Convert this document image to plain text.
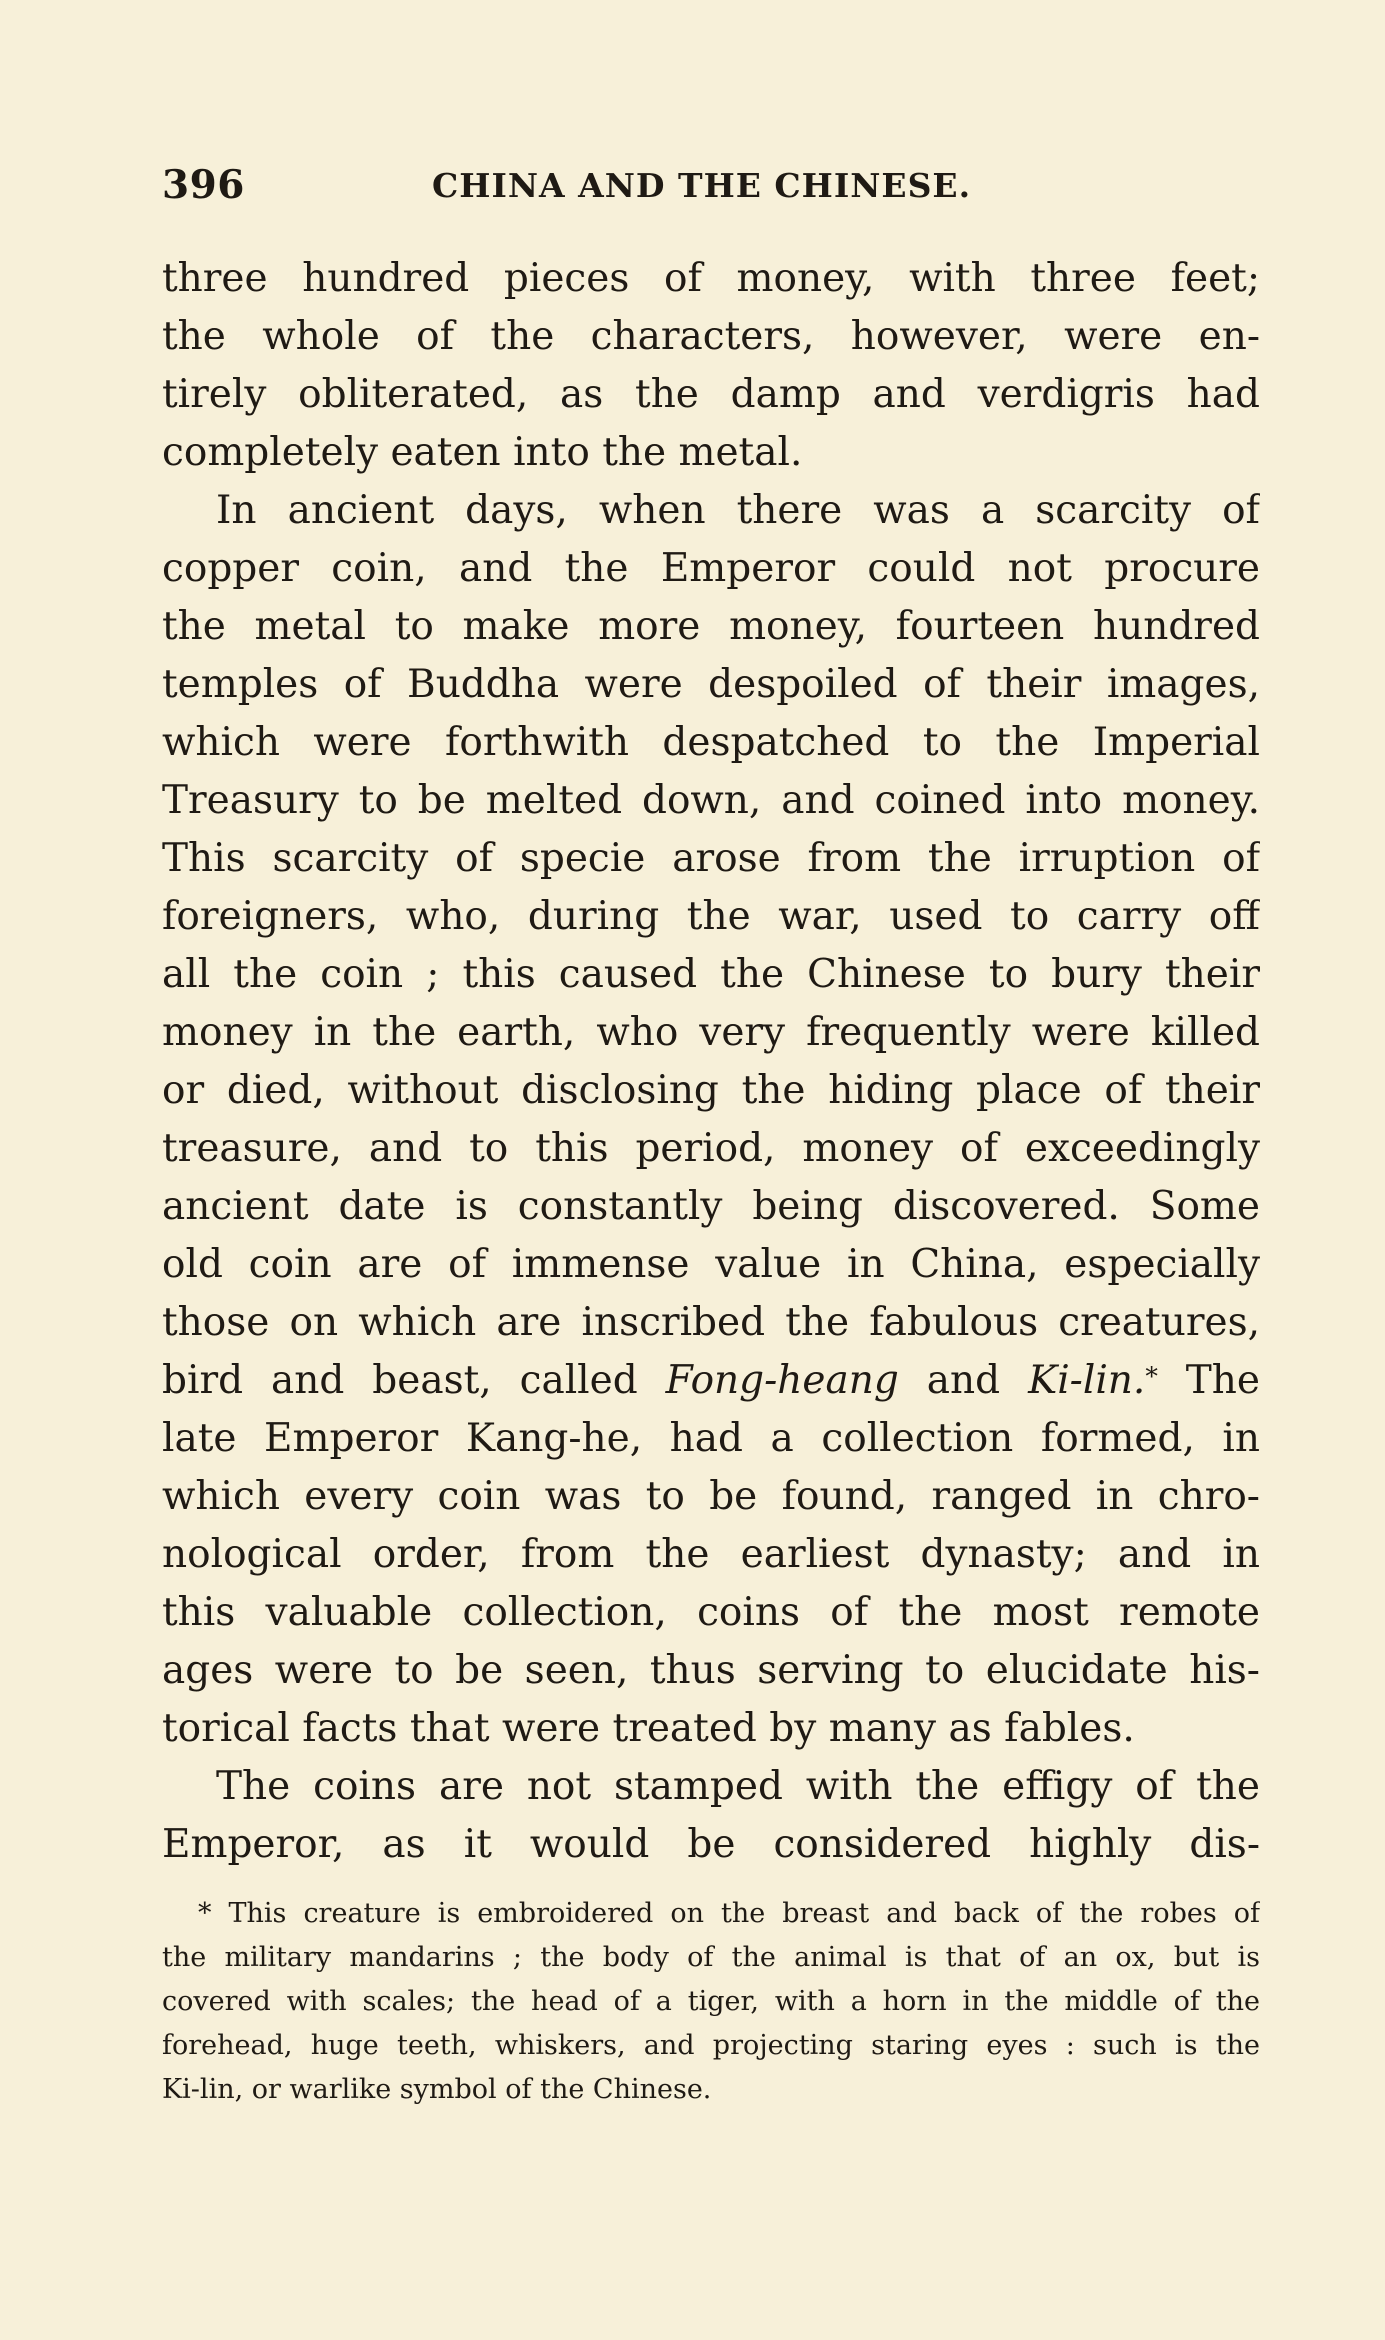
396	CHINA AND THE CHINESE.
three hundred pieces of money, with three feet;
the whole of the characters, however, were en-
tirely obliterated, as the damp and verdigris had
completely eaten into the metal.
In ancient days, when there was a scarcity of
copper coin, and the Emperor could not procure
the metal to make more money, fourteen hundred
temples of Buddha were despoiled of their images,
which were forthwith despatched to the Imperial
Treasury to be melted down, and coined into money.
This scarcity of specie arose from the irruption of
foreigners, who, during the war, used to carry off
all the coin ; this caused the Chinese to bury their
money in the earth, who very frequently were killed
or died, without disclosing the hiding place of their
treasure, and to this period, money of exceedingly
ancient date is constantly being discovered. Some
old coin are of immense value in China, especially
those on which are inscribed the fabulous creatures,
bird and beast, called Fong-heang and Ki-lin.* The
late Emperor Kang-he, had a collection formed, in
which every coin was to be found, ranged in chro-
nological order, from the earliest dynasty; and in
this valuable collection, coins of the most remote
ages were to be seen, thus serving to elucidate his-
torical facts that were treated by many as fables.
The coins are not stamped with the effigy of the
Emperor, as it would be considered highly dis-
* This creature is embroidered on the breast and back of the robes of
the military mandarins ; the body of the animal is that of an ox, but is
covered with scales; the head of a tiger, with a horn in the middle of the
forehead, huge teeth, whiskers, and projecting staring eyes : such is the
Ki-lin, or warlike symbol of the Chinese.
